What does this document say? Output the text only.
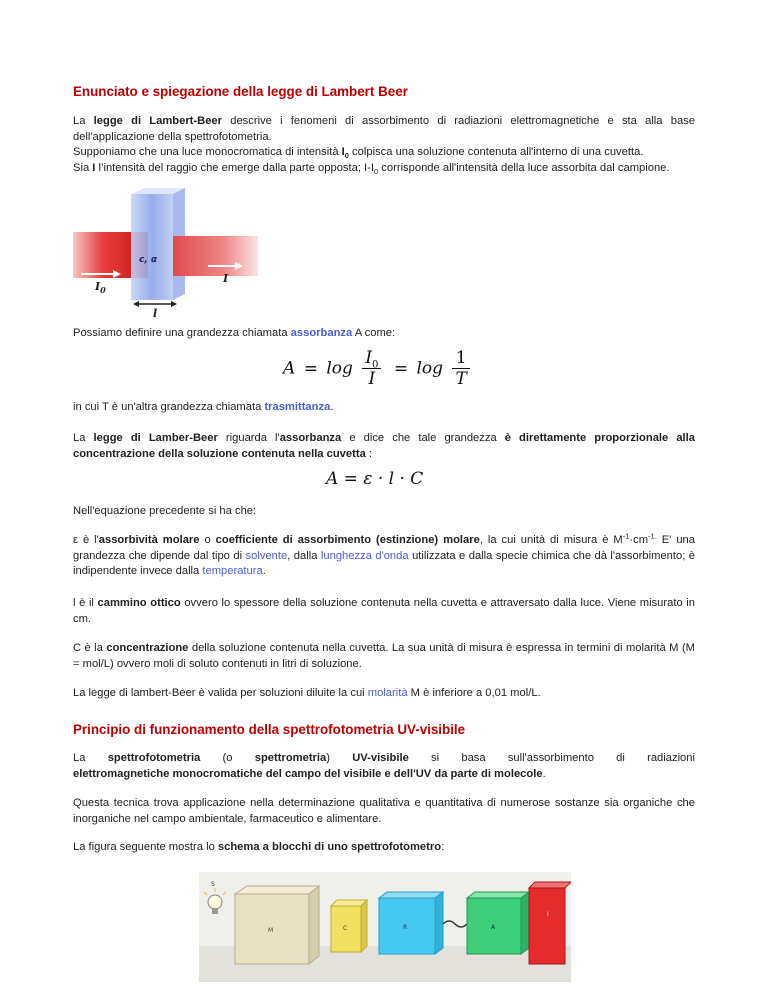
Enunciato e spiegazione della legge di Lambert Beer

La legge di Lambert-Beer descrive i fenomeni di assorbimento di radiazioni elettromagnetiche e sta alla base dell'applicazione della spettrofotometria.
Supponiamo che una luce monocromatica di intensità $I_0$ colpisca una soluzione contenuta all'interno di una cuvetta.
Sia I l’intensità del raggio che emerge dalla parte opposta; $I-I_0$ corrisponde all'intensità della luce assorbita dal campione.

c, α
$I_0$
I
l

Possiamo definire una grandezza chiamata assorbanza A come:

$A = \log \frac{I_0}{I} = \log \frac{1}{T}$

in cui T è un'altra grandezza chiamata trasmittanza.

La legge di Lamber-Beer riguarda l'assorbanza e dice che tale grandezza è direttamente proporzionale alla concentrazione della soluzione contenuta nella cuvetta :

A = ε · l · C

Nell'equazione precedente si ha che:

ε è l'assorbività molare o coefficiente di assorbimento (estinzione) molare, la cui unità di misura è $M^{-1}\cdot cm^{-1.}$ E' una grandezza che dipende dal tipo di solvente, dalla lunghezza d'onda utilizzata e dalla specie chimica che dà l'assorbimento; è indipendente invece dalla temperatura.

l è il cammino ottico ovvero lo spessore della soluzione contenuta nella cuvetta e attraversato dalla luce. Viene misurato in cm.

C è la concentrazione della soluzione contenuta nella cuvetta. La sua unità di misura è espressa in termini di molarità M (M = mol/L) ovvero moli di soluto contenuti in litri di soluzione.

La legge di lambert-Beer è valida per soluzioni diluite la cui molarità M è inferiore a 0,01 mol/L.

Principio di funzionamento della spettrofotometria UV-visibile

La spettrofotometria (o spettrometria) UV-visibile si basa sull'assorbimento di radiazioni
elettromagnetiche monocromatiche del campo del visibile e dell'UV da parte di molecole.

Questa tecnica trova applicazione nella determinazione qualitativa e quantitativa di numerose sostanze sia organiche che inorganiche nel campo ambientale, farmaceutico e alimentare.

La figura seguente mostra lo schema a blocchi di uno spettrofotometro:

S
M	C	R	A
I
